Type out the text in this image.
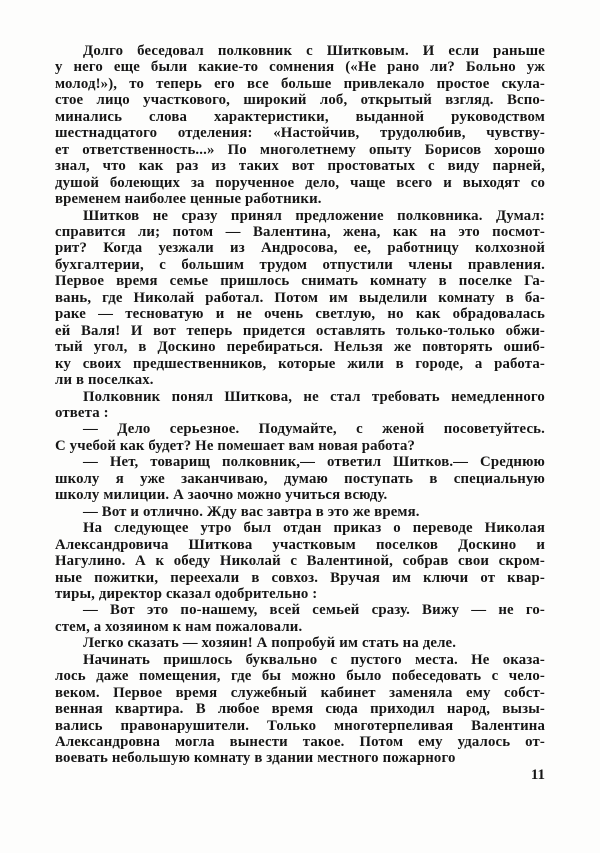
Долго беседовал полковник с Шитковым. И если раньше
у него еще были какие-то сомнения («Не рано ли? Больно уж
молод!»), то теперь его все больше привлекало простое скула-
стое лицо участкового, широкий лоб, открытый взгляд. Вспо-
минались слова характеристики, выданной руководством
шестнадцатого отделения: «Настойчив, трудолюбив, чувству-
ет ответственность...» По многолетнему опыту Борисов хорошо
знал, что как раз из таких вот простоватых с виду парней,
душой болеющих за порученное дело, чаще всего и выходят со
временем наиболее ценные работники.
Шитков не сразу принял предложение полковника. Думал:
справится ли; потом — Валентина, жена, как на это посмот-
рит? Когда уезжали из Андросова, ее, работницу колхозной
бухгалтерии, с большим трудом отпустили члены правления.
Первое время семье пришлось снимать комнату в поселке Га-
вань, где Николай работал. Потом им выделили комнату в ба-
раке — тесноватую и не очень светлую, но как обрадовалась
ей Валя! И вот теперь придется оставлять только-только обжи-
тый угол, в Доскино перебираться. Нельзя же повторять ошиб-
ку своих предшественников, которые жили в городе, а работа-
ли в поселках.
Полковник понял Шиткова, не стал требовать немедленного
ответа :
— Дело серьезное. Подумайте, с женой посоветуйтесь.
С учебой как будет? Не помешает вам новая работа?
— Нет, товарищ полковник,— ответил Шитков.— Среднюю
школу я уже заканчиваю, думаю поступать в специальную
школу милиции. А заочно можно учиться всюду.
— Вот и отлично. Жду вас завтра в это же время.
На следующее утро был отдан приказ о переводе Николая
Александровича Шиткова участковым поселков Доскино и
Нагулино. А к обеду Николай с Валентиной, собрав свои скром-
ные пожитки, переехали в совхоз. Вручая им ключи от квар-
тиры, директор сказал одобрительно :
— Вот это по-нашему, всей семьей сразу. Вижу — не го-
стем, а хозяином к нам пожаловали.
Легко сказать — хозяин! А попробуй им стать на деле.
Начинать пришлось буквально с пустого места. Не оказа-
лось даже помещения, где бы можно было побеседовать с чело-
веком. Первое время служебный кабинет заменяла ему собст-
венная квартира. В любое время сюда приходил народ, вызы-
вались правонарушители. Только многотерпеливая Валентина
Александровна могла вынести такое. Потом ему удалось от-
воевать небольшую комнату в здании местного пожарного
11
